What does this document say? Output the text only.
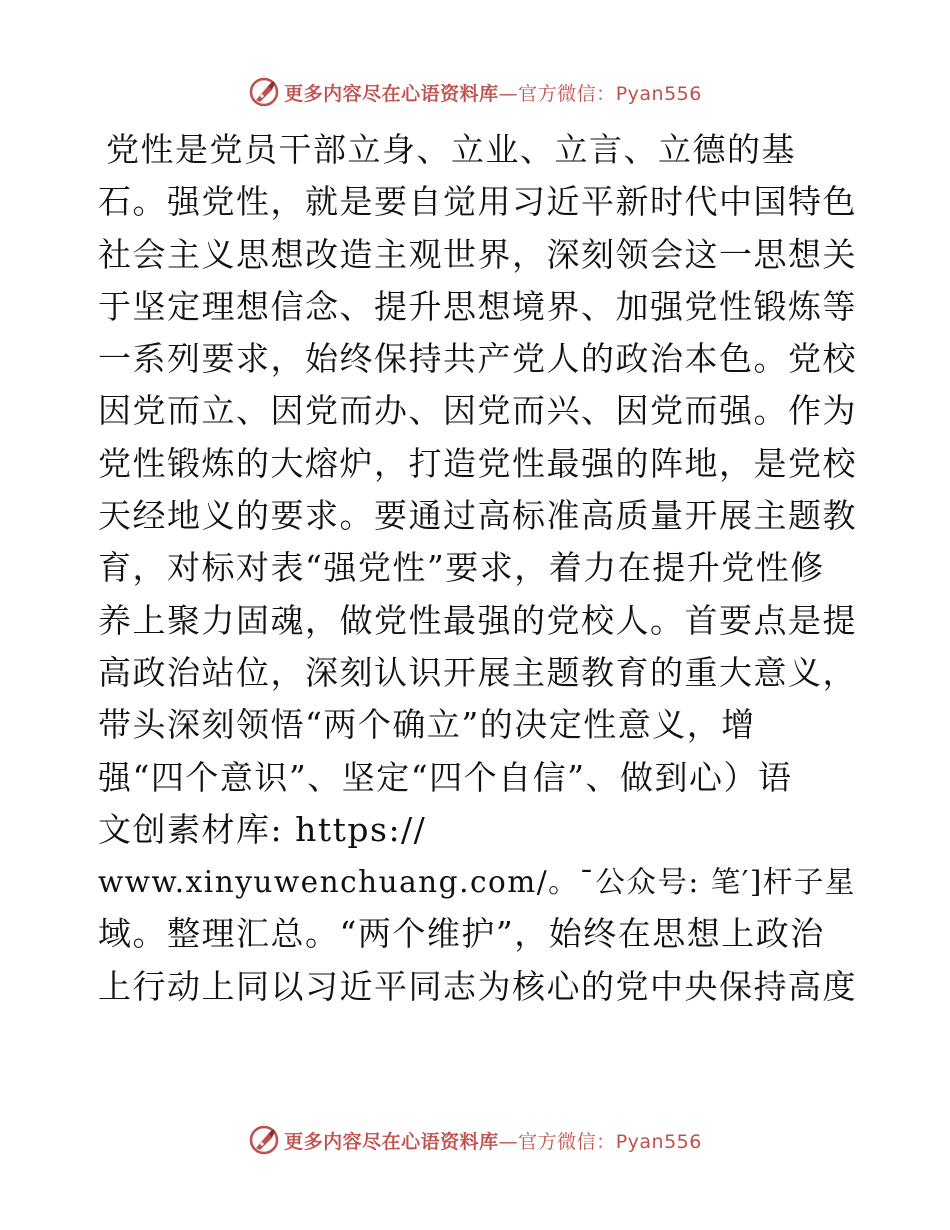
更多内容尽在心语资料库—官方微信：Pyan556
党性是党员干部立身、立业、立言、立德的基
石。强党性，就是要自觉用习近平新时代中国特色
社会主义思想改造主观世界，深刻领会这一思想关
于坚定理想信念、提升思想境界、加强党性锻炼等
一系列要求，始终保持共产党人的政治本色。党校
因党而立、因党而办、因党而兴、因党而强。作为
党性锻炼的大熔炉，打造党性最强的阵地，是党校
天经地义的要求。要通过高标准高质量开展主题教
育，对标对表“强党性”要求，着力在提升党性修
养上聚力固魂，做党性最强的党校人。首要点是提
高政治站位，深刻认识开展主题教育的重大意义，
带头深刻领悟“两个确立”的决定性意义，增
强“四个意识”、坚定“四个自信”、做到心）语
文创素材库: https://
www.xinyuwenchuang.com/。¯公众号: 笔′]杆子星
域。整理汇总。“两个维护”，始终在思想上政治
上行动上同以习近平同志为核心的党中央保持高度
更多内容尽在心语资料库—官方微信：Pyan556
